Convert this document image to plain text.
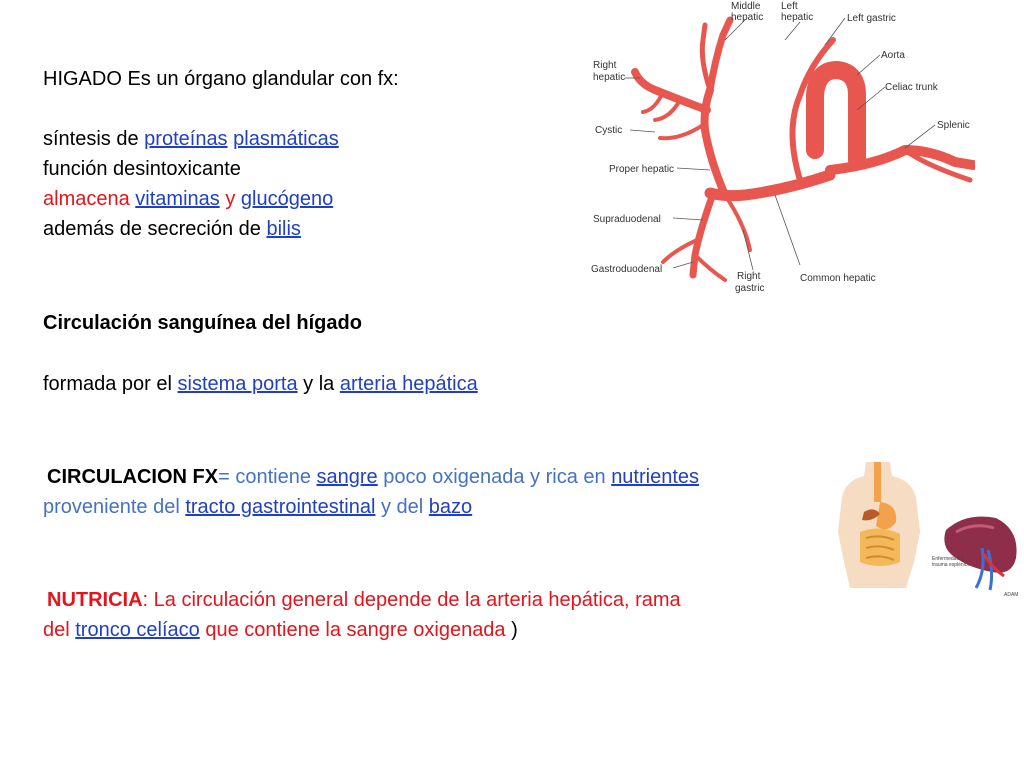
HIGADO Es un órgano glandular con fx:
síntesis de proteínas plasmáticas
función desintoxicante
almacena vitaminas y glucógeno
además de secreción de bilis
Circulación sanguínea del hígado
formada por el sistema porta y la arteria hepática
CIRCULACION FX= contiene sangre poco oxigenada y rica en nutrientes
proveniente del tracto gastrointestinal y del bazo
NUTRICIA: La circulación general depende de la arteria hepática, rama
del tronco celíaco que contiene la sangre oxigenada )
Middle
hepatic
Left
hepatic	Left gastric
Aorta
Celiac trunk
Splenic
Right
hepatic
Cystic
Proper hepatic
Supraduodenal
Gastroduodenal
Right
gastric
Common hepatic
Enfermedad o
trauma esplénico
ADAM
